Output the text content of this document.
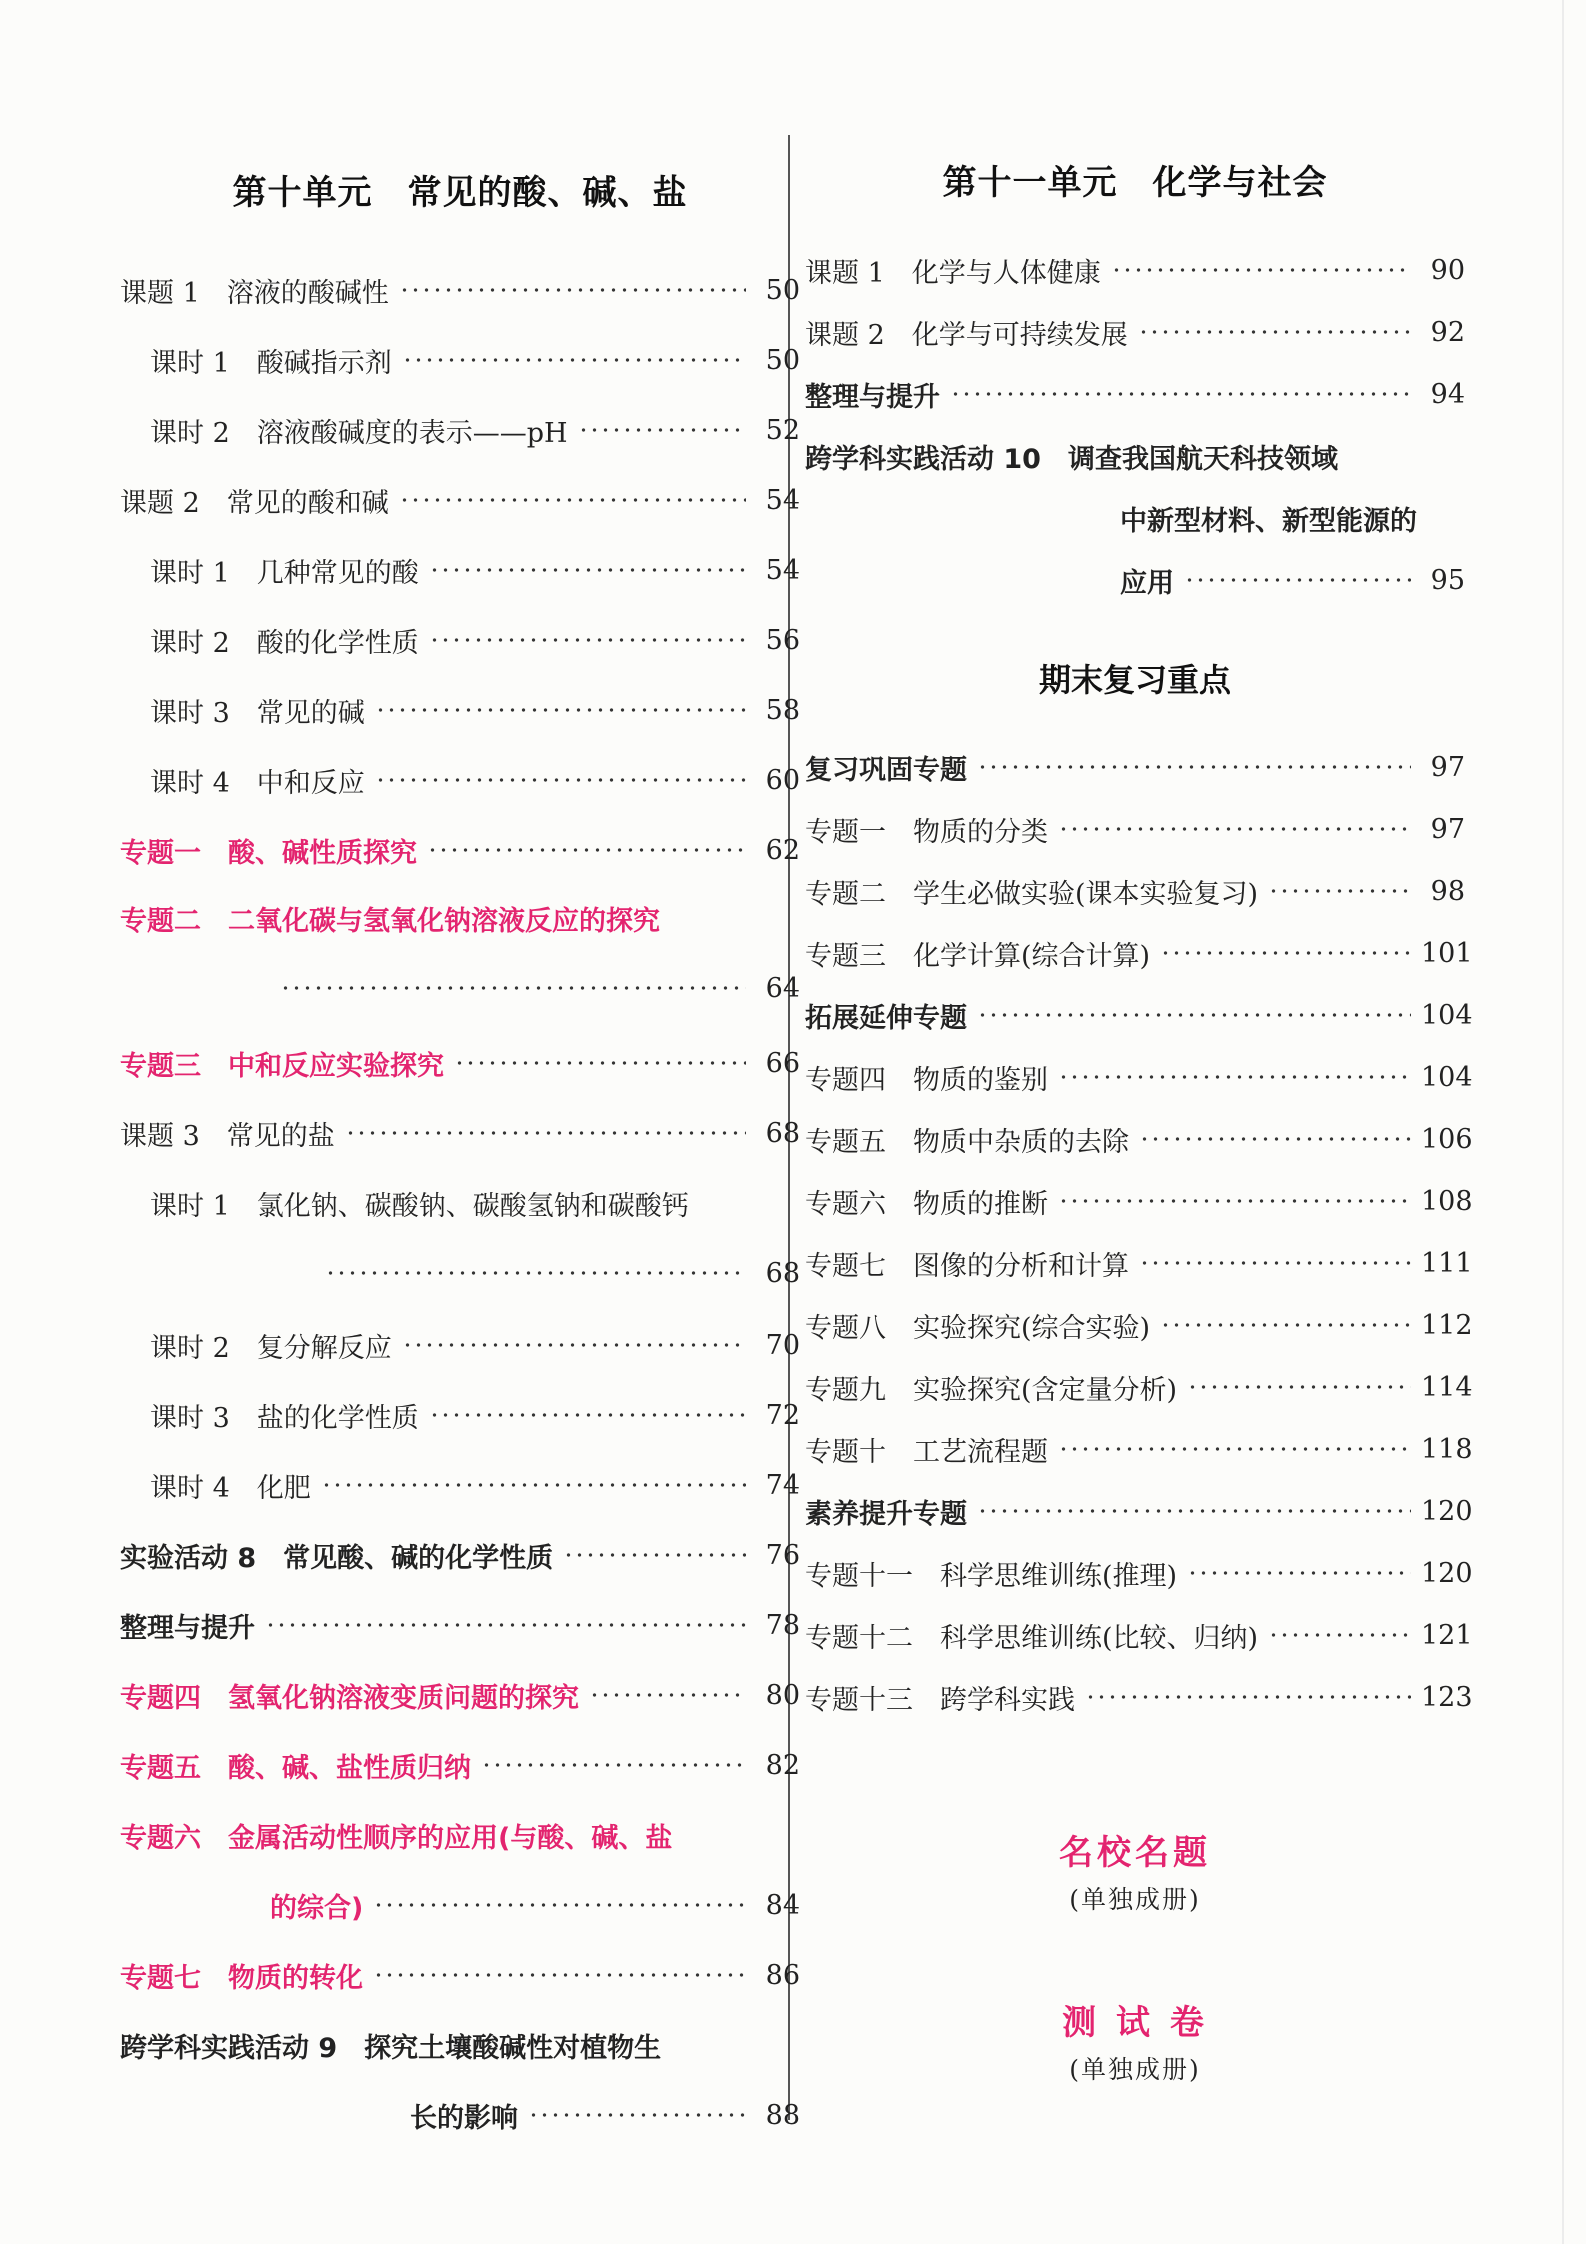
第十单元　常见的酸、碱、盐
课题 1　溶液的酸碱性	50
课时 1　酸碱指示剂	50
课时 2　溶液酸碱度的表示——pH	52
课题 2　常见的酸和碱	54
课时 1　几种常见的酸	54
课时 2　酸的化学性质	56
课时 3　常见的碱	58
课时 4　中和反应	60
专题一　酸、碱性质探究	62
专题二　二氧化碳与氢氧化钠溶液反应的探究
64
专题三　中和反应实验探究	66
课题 3　常见的盐	68
课时 1　氯化钠、碳酸钠、碳酸氢钠和碳酸钙
68
课时 2　复分解反应	70
课时 3　盐的化学性质	72
课时 4　化肥	74
实验活动 8　常见酸、碱的化学性质	76
整理与提升	78
专题四　氢氧化钠溶液变质问题的探究	80
专题五　酸、碱、盐性质归纳	82
专题六　金属活动性顺序的应用(与酸、碱、盐
的综合)	84
专题七　物质的转化	86
跨学科实践活动 9　探究土壤酸碱性对植物生
长的影响	88
第十一单元　化学与社会
课题 1　化学与人体健康	90
课题 2　化学与可持续发展	92
整理与提升	94
跨学科实践活动 10　调查我国航天科技领域
中新型材料、新型能源的
应用	95
期末复习重点
复习巩固专题	97
专题一　物质的分类	97
专题二　学生必做实验(课本实验复习)	98
专题三　化学计算(综合计算)	101
拓展延伸专题	104
专题四　物质的鉴别	104
专题五　物质中杂质的去除	106
专题六　物质的推断	108
专题七　图像的分析和计算	111
专题八　实验探究(综合实验)	112
专题九　实验探究(含定量分析)	114
专题十　工艺流程题	118
素养提升专题	120
专题十一　科学思维训练(推理)	120
专题十二　科学思维训练(比较、归纳)	121
专题十三　跨学科实践	123
名校名题
(单独成册)
测 试 卷
(单独成册)
